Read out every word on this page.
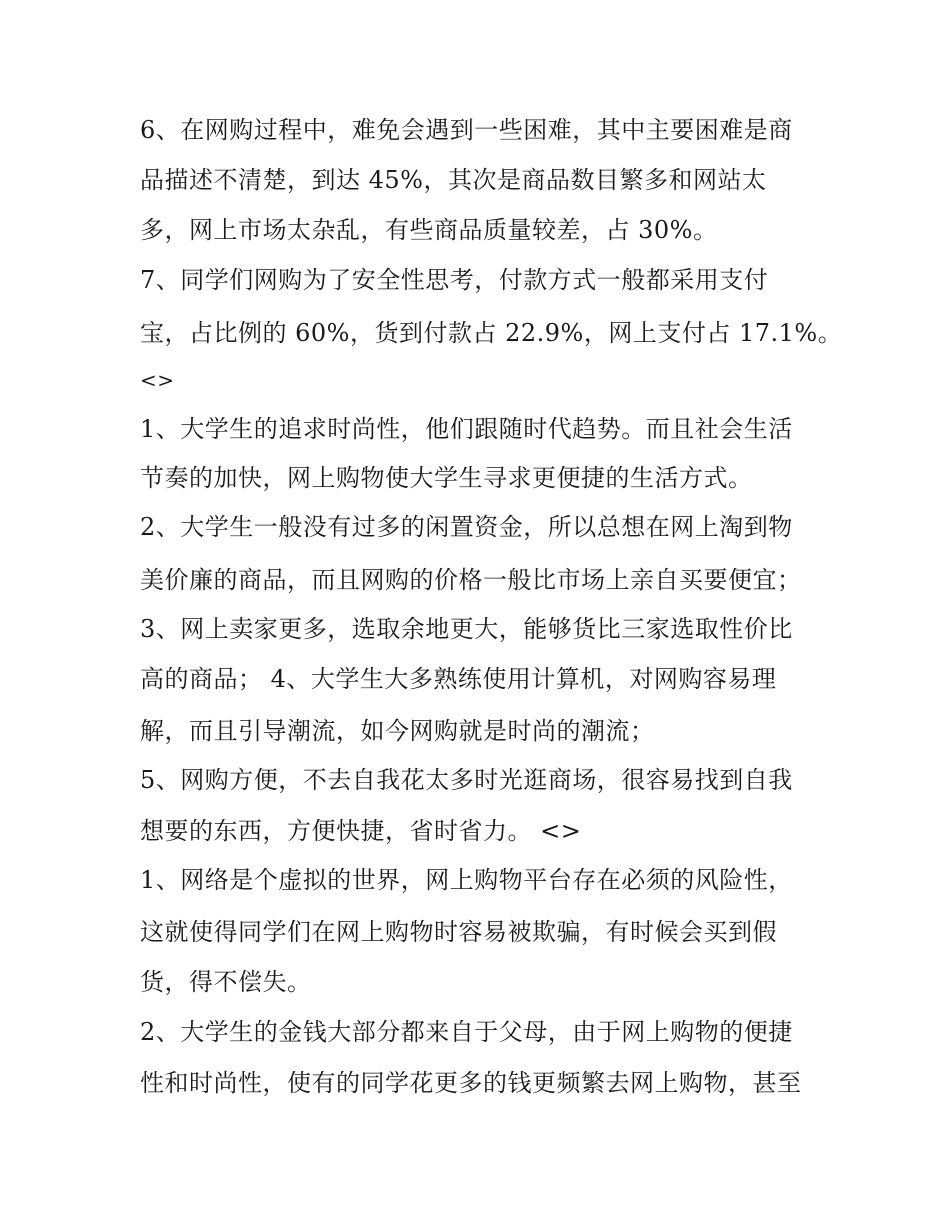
6、在网购过程中，难免会遇到一些困难，其中主要困难是商
品描述不清楚，到达 45%，其次是商品数目繁多和网站太
多，网上市场太杂乱，有些商品质量较差，占 30%。
7、同学们网购为了安全性思考，付款方式一般都采用支付
宝，占比例的 60%，货到付款占 22.9%，网上支付占 17.1%。
<>
1、大学生的追求时尚性，他们跟随时代趋势。而且社会生活
节奏的加快，网上购物使大学生寻求更便捷的生活方式。
2、大学生一般没有过多的闲置资金，所以总想在网上淘到物
美价廉的商品，而且网购的价格一般比市场上亲自买要便宜；
3、网上卖家更多，选取余地更大，能够货比三家选取性价比
高的商品； 4、大学生大多熟练使用计算机，对网购容易理
解，而且引导潮流，如今网购就是时尚的潮流；
5、网购方便，不去自我花太多时光逛商场，很容易找到自我
想要的东西，方便快捷，省时省力。 <>
1、网络是个虚拟的世界，网上购物平台存在必须的风险性，
这就使得同学们在网上购物时容易被欺骗，有时候会买到假
货，得不偿失。
2、大学生的金钱大部分都来自于父母，由于网上购物的便捷
性和时尚性，使有的同学花更多的钱更频繁去网上购物，甚至
